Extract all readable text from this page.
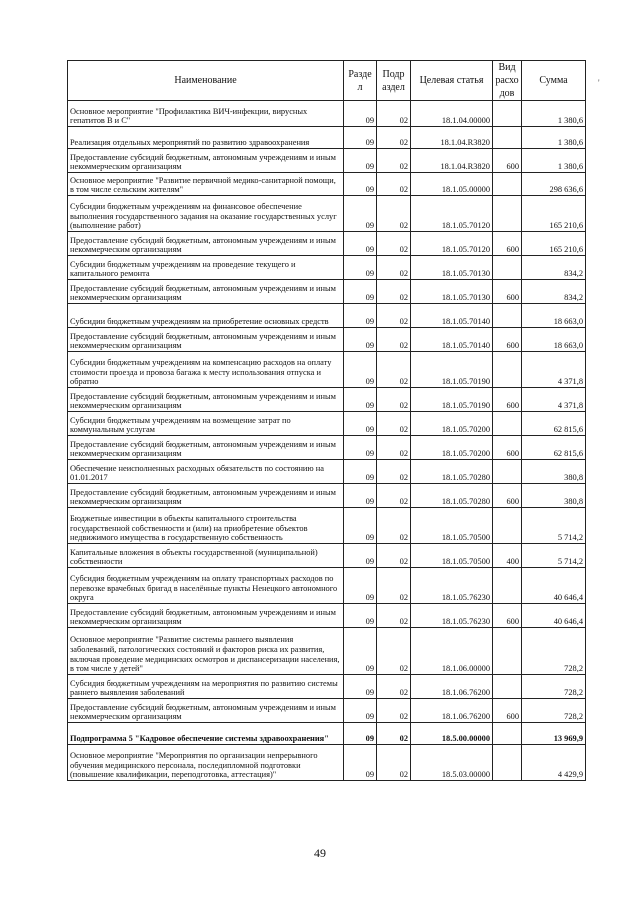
Наименование	Разде л	Подр аздел	Целевая статья	Вид расхо дов	Сумма
Основное мероприятие "Профилактика ВИЧ-инфекции, вирусных гепатитов В и С"	09	02	18.1.04.00000		1 380,6
Реализация отдельных мероприятий по развитию здравоохранения	09	02	18.1.04.R3820		1 380,6
Предоставление субсидий бюджетным, автономным учреждениям и иным некоммерческим организациям	09	02	18.1.04.R3820	600	1 380,6
Основное мероприятие "Развитие первичной медико-санитарной помощи, в том числе сельским жителям"	09	02	18.1.05.00000		298 636,6
Субсидии бюджетным учреждениям на финансовое обеспечение выполнения государственного задания на оказание государственных услуг (выполнение работ)	09	02	18.1.05.70120		165 210,6
Предоставление субсидий бюджетным, автономным учреждениям и иным некоммерческим организациям	09	02	18.1.05.70120	600	165 210,6
Субсидии бюджетным учреждениям на проведение текущего и капитального ремонта	09	02	18.1.05.70130		834,2
Предоставление субсидий бюджетным, автономным учреждениям и иным некоммерческим организациям	09	02	18.1.05.70130	600	834,2
Субсидии бюджетным учреждениям на приобретение основных средств	09	02	18.1.05.70140		18 663,0
Предоставление субсидий бюджетным, автономным учреждениям и иным некоммерческим организациям	09	02	18.1.05.70140	600	18 663,0
Субсидии бюджетным учреждениям на компенсацию расходов на оплату стоимости проезда и провоза багажа к месту использования отпуска и обратно	09	02	18.1.05.70190		4 371,8
Предоставление субсидий бюджетным, автономным учреждениям и иным некоммерческим организациям	09	02	18.1.05.70190	600	4 371,8
Субсидии бюджетным учреждениям на возмещение затрат по коммунальным услугам	09	02	18.1.05.70200		62 815,6
Предоставление субсидий бюджетным, автономным учреждениям и иным некоммерческим организациям	09	02	18.1.05.70200	600	62 815,6
Обеспечение неисполненных расходных обязательств по состоянию на 01.01.2017	09	02	18.1.05.70280		380,8
Предоставление субсидий бюджетным, автономным учреждениям и иным некоммерческим организациям	09	02	18.1.05.70280	600	380,8
Бюджетные инвестиции в объекты капитального строительства государственной собственности и (или) на приобретение объектов недвижимого имущества в государственную собственность	09	02	18.1.05.70500		5 714,2
Капитальные вложения в объекты государственной (муниципальной) собственности	09	02	18.1.05.70500	400	5 714,2
Субсидия бюджетным учреждениям на оплату транспортных расходов по перевозке врачебных бригад в населённые пункты Ненецкого автономного округа	09	02	18.1.05.76230		40 646,4
Предоставление субсидий бюджетным, автономным учреждениям и иным некоммерческим организациям	09	02	18.1.05.76230	600	40 646,4
Основное мероприятие "Развитие системы раннего выявления заболеваний, патологических состояний и факторов риска их развития, включая проведение медицинских осмотров и диспансеризации населения, в том числе у детей"	09	02	18.1.06.00000		728,2
Субсидия бюджетным учреждениям на мероприятия по развитию системы раннего выявления заболеваний	09	02	18.1.06.76200		728,2
Предоставление субсидий бюджетным, автономным учреждениям и иным некоммерческим организациям	09	02	18.1.06.76200	600	728,2
Подпрограмма 5 "Кадровое обеспечение системы здравоохранения"	09	02	18.5.00.00000		13 969,9
Основное мероприятие "Мероприятия по организации непрерывного обучения медицинского персонала, последипломной подготовки (повышение квалификации, переподготовка, аттестация)"	09	02	18.5.03.00000		4 429,9
'
49
